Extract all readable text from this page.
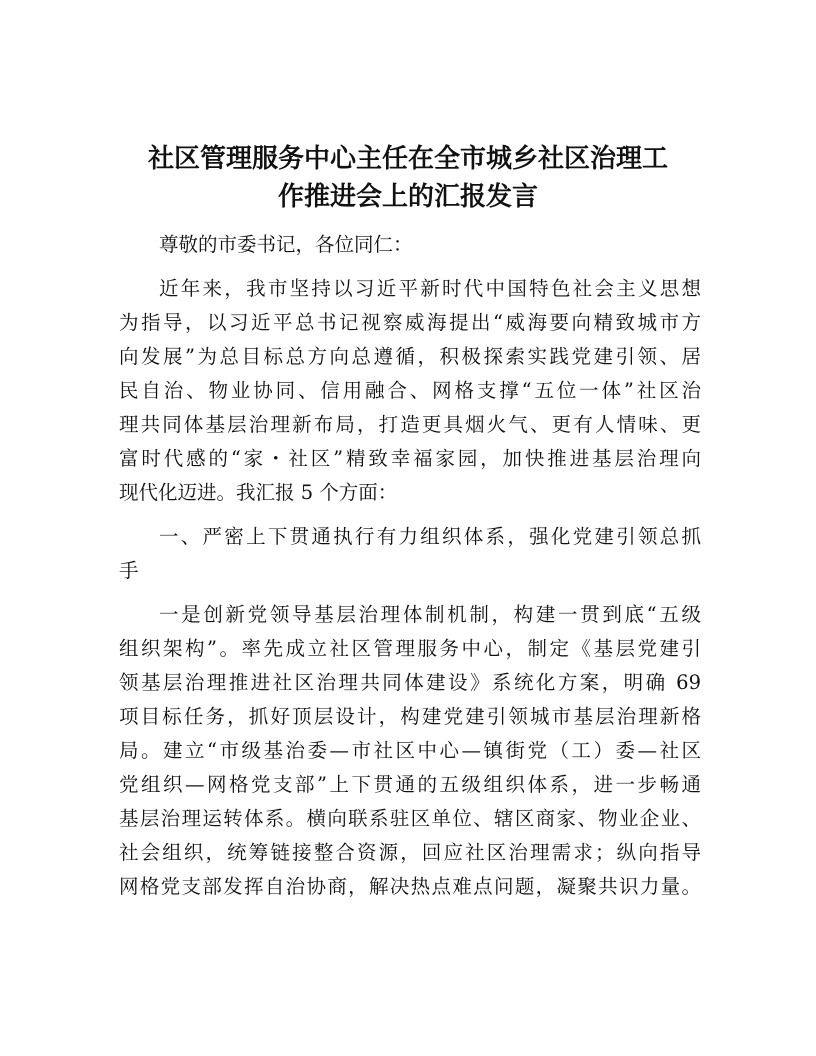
社区管理服务中心主任在全市城乡社区治理工
作推进会上的汇报发言
尊敬的市委书记，各位同仁：
近年来，我市坚持以习近平新时代中国特色社会主义思想
为指导，以习近平总书记视察威海提出“威海要向精致城市方
向发展”为总目标总方向总遵循，积极探索实践党建引领、居
民自治、物业协同、信用融合、网格支撑“五位一体”社区治
理共同体基层治理新布局，打造更具烟火气、更有人情味、更
富时代感的“家・社区”精致幸福家园，加快推进基层治理向
现代化迈进。我汇报 5 个方面：
一、严密上下贯通执行有力组织体系，强化党建引领总抓
手
一是创新党领导基层治理体制机制，构建一贯到底“五级
组织架构”。率先成立社区管理服务中心，制定《基层党建引
领基层治理推进社区治理共同体建设》系统化方案，明确 69
项目标任务，抓好顶层设计，构建党建引领城市基层治理新格
局。建立“市级基治委—市社区中心—镇街党（工）委—社区
党组织—网格党支部”上下贯通的五级组织体系，进一步畅通
基层治理运转体系。横向联系驻区单位、辖区商家、物业企业、
社会组织，统筹链接整合资源，回应社区治理需求；纵向指导
网格党支部发挥自治协商，解决热点难点问题，凝聚共识力量。
